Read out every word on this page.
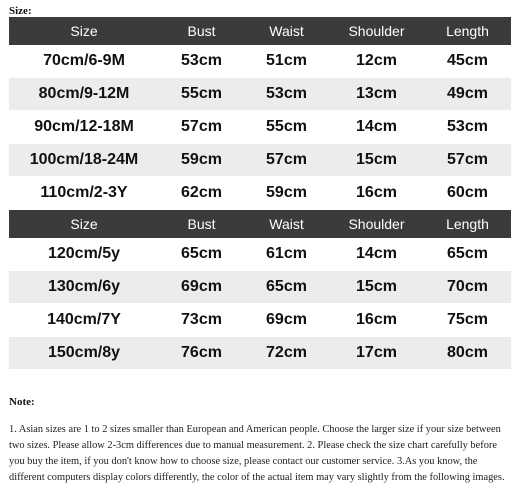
Size:
Size	Bust	Waist	Shoulder	Length
70cm/6-9M	53cm	51cm	12cm	45cm
80cm/9-12M	55cm	53cm	13cm	49cm
90cm/12-18M	57cm	55cm	14cm	53cm
100cm/18-24M	59cm	57cm	15cm	57cm
110cm/2-3Y	62cm	59cm	16cm	60cm
Size	Bust	Waist	Shoulder	Length
120cm/5y	65cm	61cm	14cm	65cm
130cm/6y	69cm	65cm	15cm	70cm
140cm/7Y	73cm	69cm	16cm	75cm
150cm/8y	76cm	72cm	17cm	80cm
Note:
1. Asian sizes are 1 to 2 sizes smaller than European and American people. Choose the larger size if your size between two sizes. Please allow 2-3cm differences due to manual measurement. 2. Please check the size chart carefully before you buy the item, if you don't know how to choose size, please contact our customer service. 3.As you know, the different computers display colors differently, the color of the actual item may vary slightly from the following images.
